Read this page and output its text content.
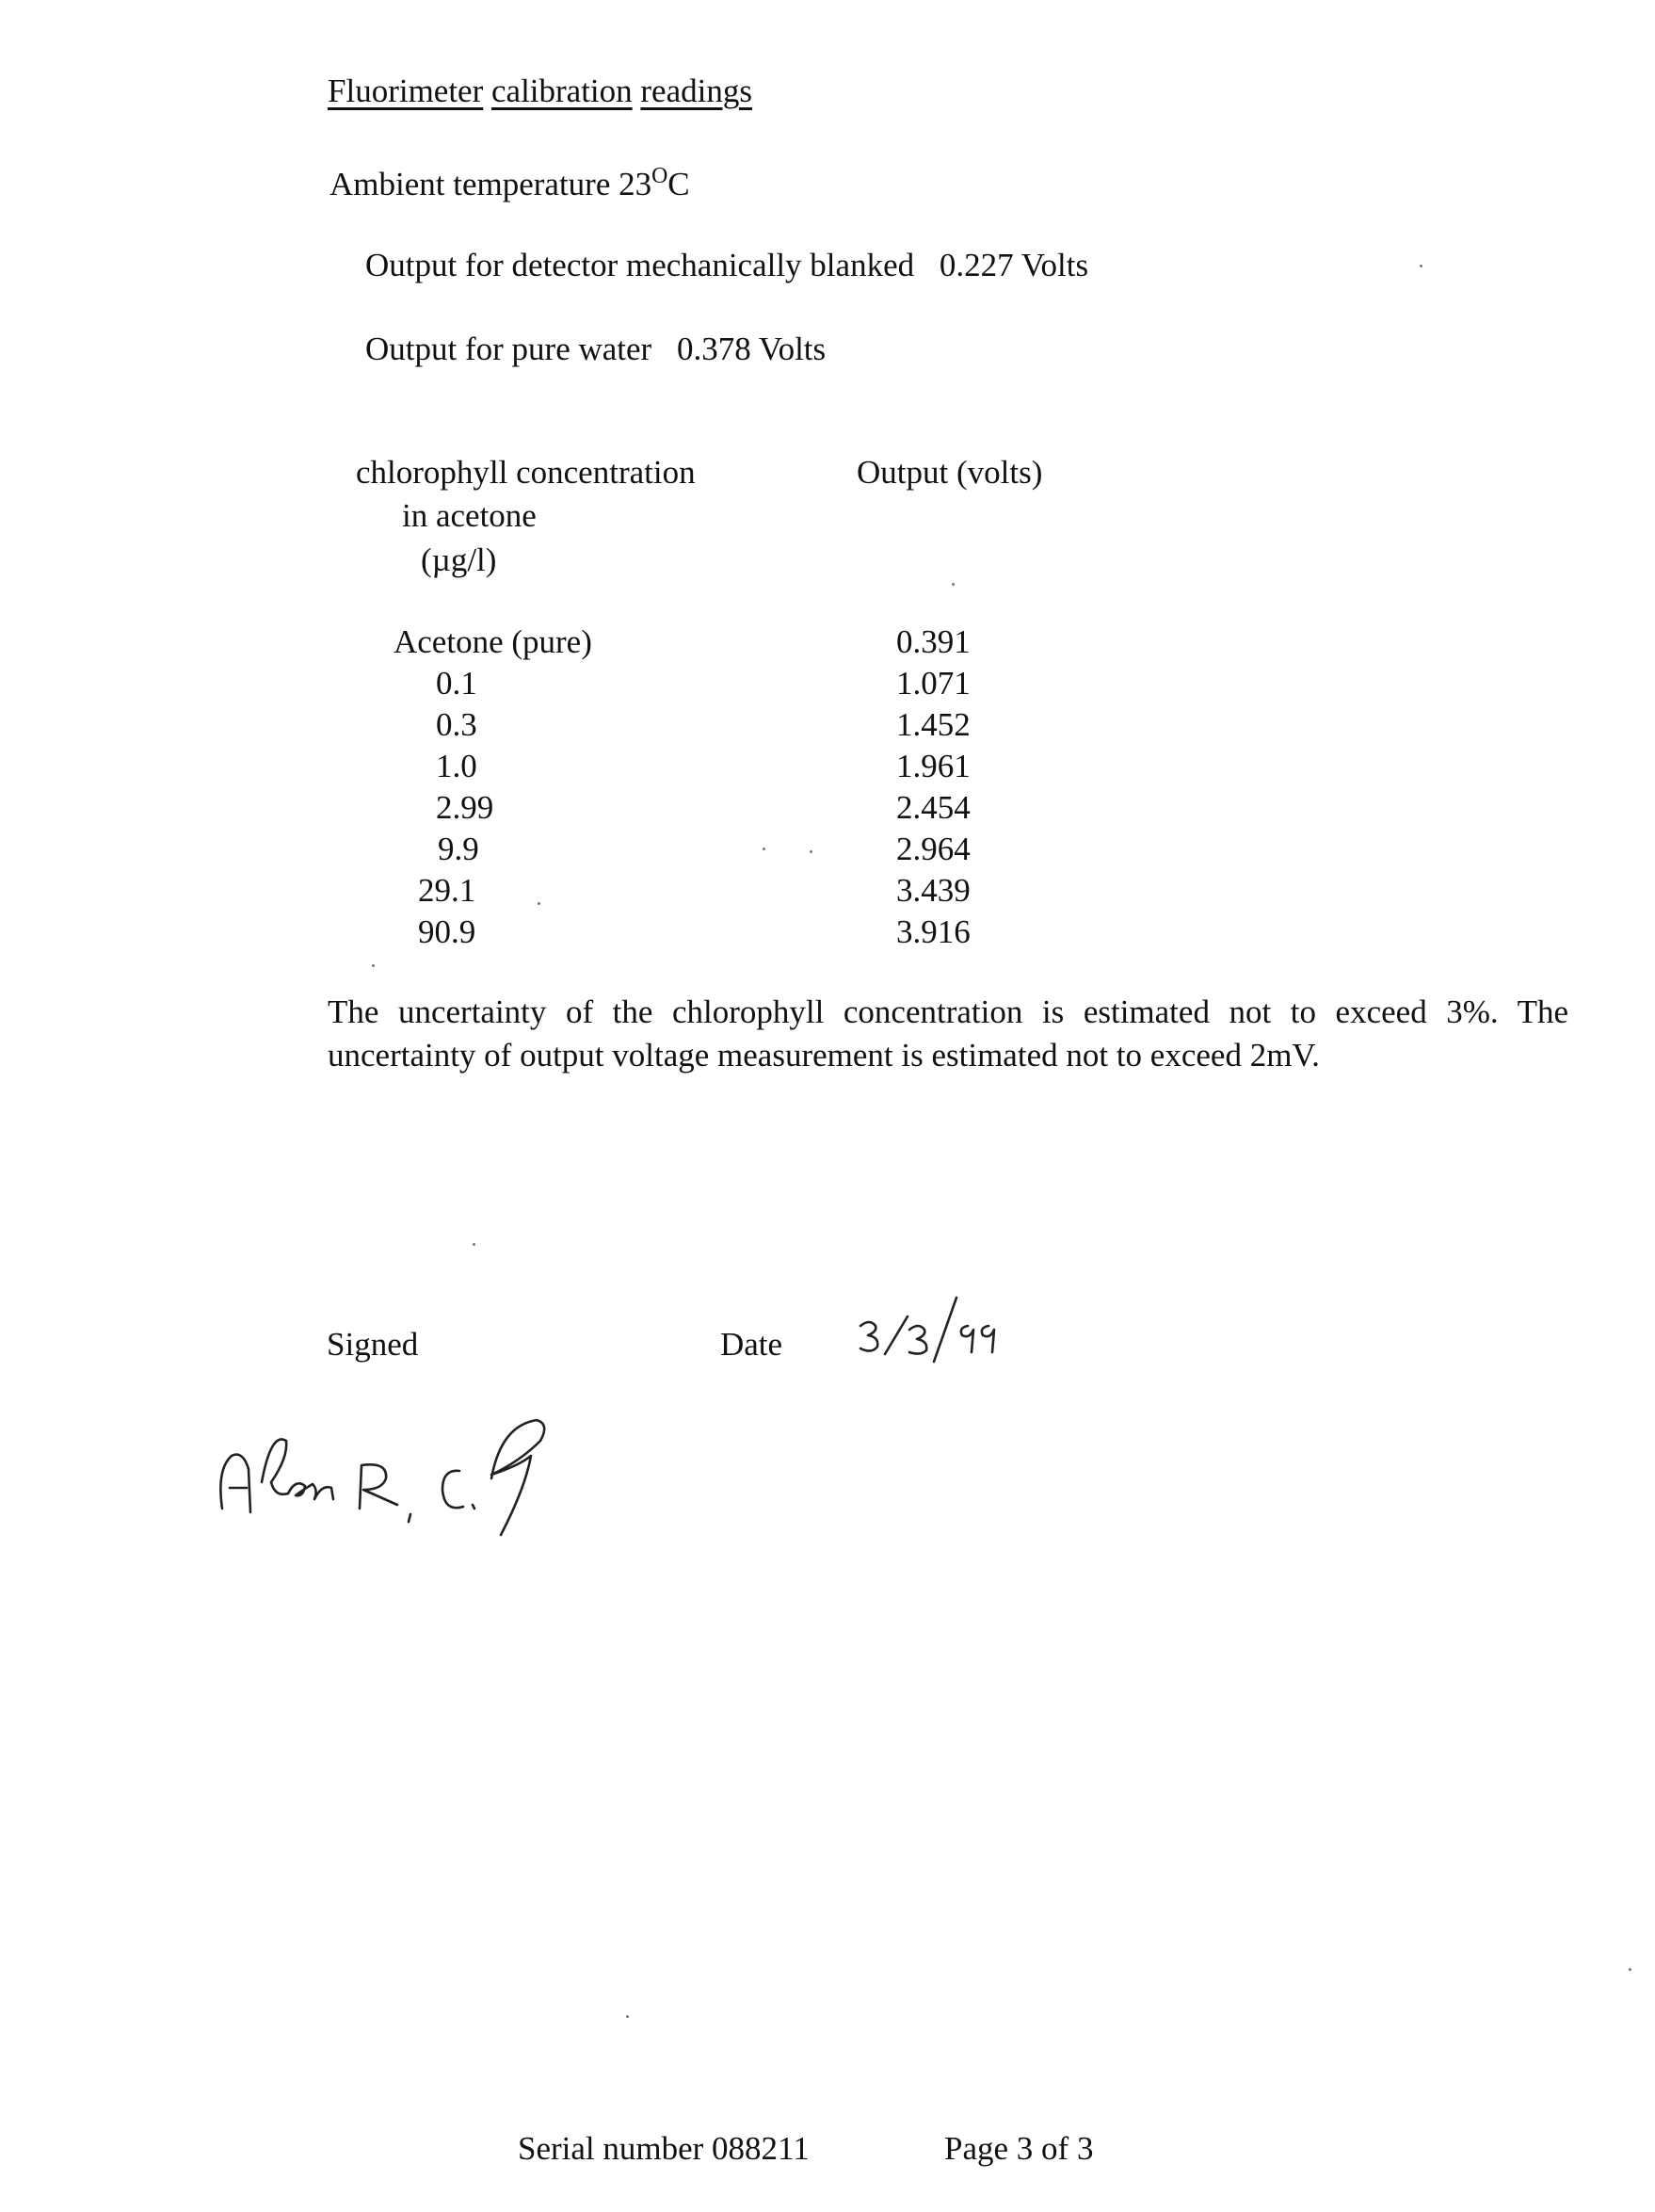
Fluorimeter calibration readings
Ambient temperature $23^OC$
Output for detector mechanically blanked 0.227 Volts
Output for pure water 0.378 Volts
chlorophyll concentration
in acetone
(µg/l)
Output (volts)
Acetone (pure)
0.1
0.3
1.0
2.99
9.9
29.1
90.9
0.391
1.071
1.452
1.961
2.454
2.964
3.439
3.916
The uncertainty of the chlorophyll concentration is estimated not to exceed 3%. The uncertainty of output voltage measurement is estimated not to exceed 2mV.
Signed	Date
Serial number 088211	Page 3 of 3
